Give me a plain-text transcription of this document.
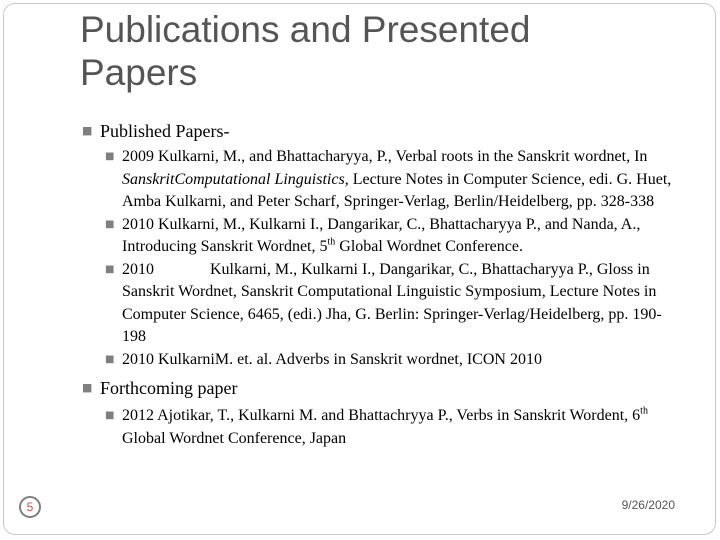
Publications and Presented Papers
■ Published Papers-
■ 2009 Kulkarni, M., and Bhattacharyya, P., Verbal roots in the Sanskrit wordnet, In SanskritComputational Linguistics, Lecture Notes in Computer Science, edi. G. Huet, Amba Kulkarni, and Peter Scharf, Springer-Verlag, Berlin/Heidelberg, pp. 328-338
■ 2010 Kulkarni, M., Kulkarni I., Dangarikar, C., Bhattacharyya P., and Nanda, A., Introducing Sanskrit Wordnet, 5th Global Wordnet Conference.
■ 2010	Kulkarni, M., Kulkarni I., Dangarikar, C., Bhattacharyya P., Gloss in Sanskrit Wordnet, Sanskrit Computational Linguistic Symposium, Lecture Notes in Computer Science, 6465, (edi.) Jha, G. Berlin: Springer-Verlag/Heidelberg, pp. 190-198
■ 2010 KulkarniM. et. al. Adverbs in Sanskrit wordnet, ICON 2010
■ Forthcoming paper
■ 2012 Ajotikar, T., Kulkarni M. and Bhattachryya P., Verbs in Sanskrit Wordent, 6th Global Wordnet Conference, Japan
5	9/26/2020
